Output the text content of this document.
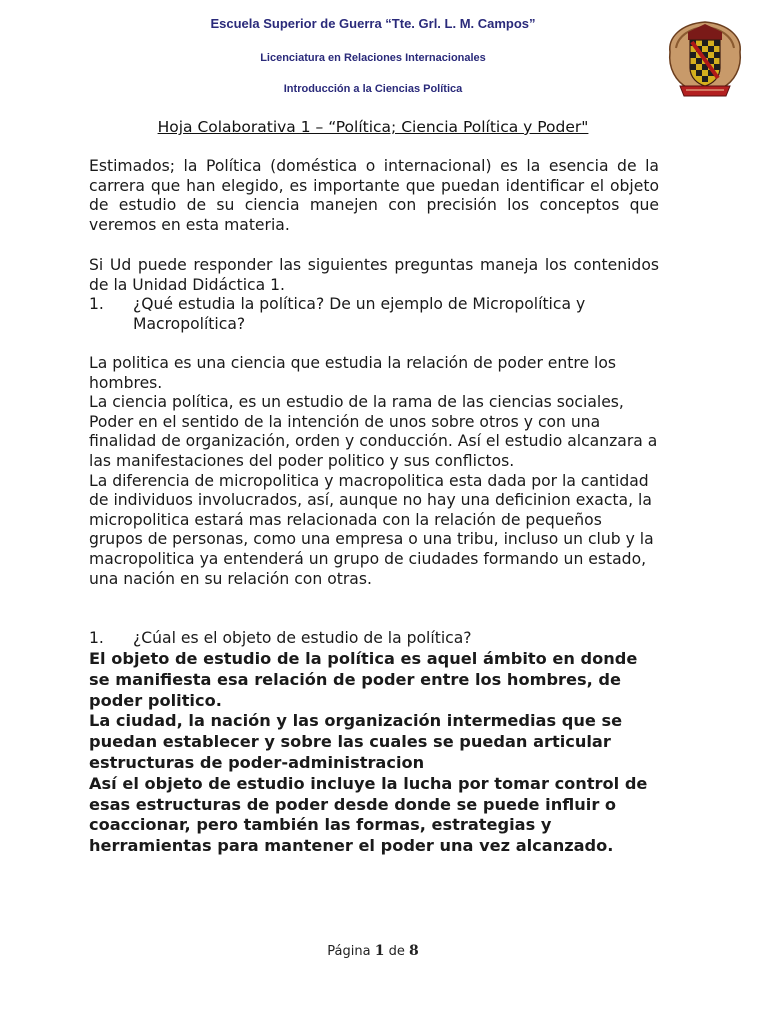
Escuela Superior de Guerra “Tte. Grl. L. M. Campos”
Licenciatura en Relaciones Internacionales
Introducción a la Ciencias Política
Hoja Colaborativa 1 – “Política; Ciencia Política y Poder"

Estimados; la Política (doméstica o internacional) es la esencia de la carrera que han elegido, es importante que puedan identificar el objeto de estudio de su ciencia manejen con precisión los conceptos que veremos en esta materia.

Si Ud puede responder las siguientes preguntas maneja los contenidos de la Unidad Didáctica 1.

1. ¿Qué estudia la política? De un ejemplo de Micropolítica y Macropolítica?

La politica es una ciencia que estudia la relación de poder entre los hombres.
La ciencia política, es un estudio de la rama de las ciencias sociales, Poder en el sentido de la intención de unos sobre otros y con una finalidad de organización, orden y conducción. Así el estudio alcanzara a las manifestaciones del poder politico y sus conflictos.
La diferencia de micropolitica y macropolitica esta dada por la cantidad de individuos involucrados, así, aunque no hay una deficinion exacta, la micropolitica estará mas relacionada con la relación de pequeños grupos de personas, como una empresa o una tribu, incluso un club y la macropolitica ya entenderá un grupo de ciudades formando un estado, una nación en su relación con otras.

1. ¿Cúal es el objeto de estudio de la política?

El objeto de estudio de la política es aquel ámbito en donde se manifiesta esa relación de poder entre los hombres, de poder politico.
La ciudad, la nación y las organización intermedias que se puedan establecer y sobre las cuales se puedan articular estructuras de poder-administracion
Así el objeto de estudio incluye la lucha por tomar control de esas estructuras de poder desde donde se puede influir o coaccionar, pero también las formas, estrategias y herramientas para mantener el poder una vez alcanzado.

Página 1 de 8
